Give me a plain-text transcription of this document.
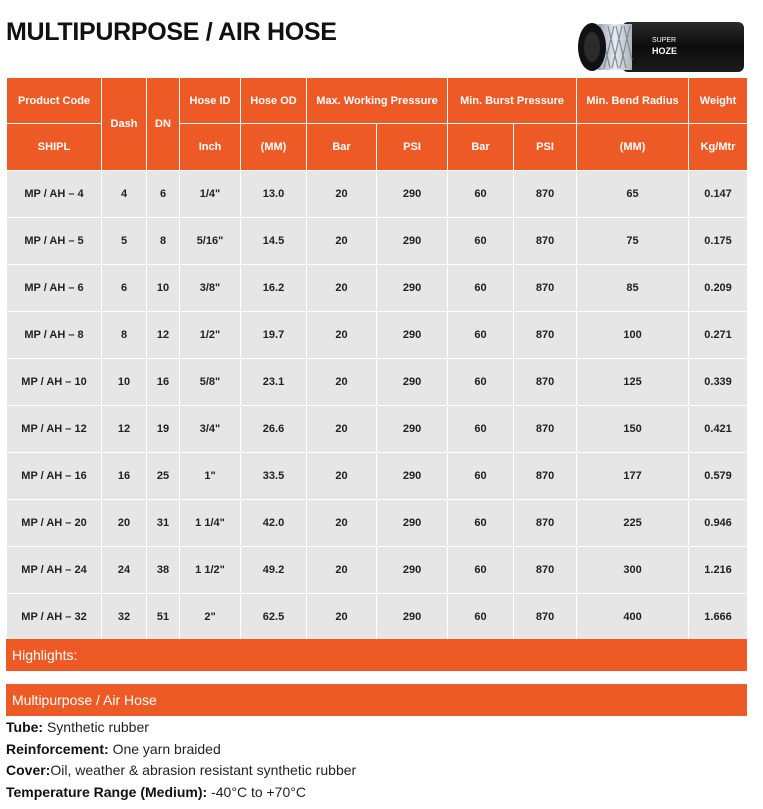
MULTIPURPOSE / AIR HOSE	SUPER
HOZE
Product Code	Dash	DN	Hose ID	Hose OD	Max. Working Pressure		Min. Burst Pressure		Min. Bend Radius	Weight
SHIPL			Inch	(MM)	Bar	PSI	Bar	PSI	(MM)	Kg/Mtr
MP / AH – 4	4	6	1/4"	13.0	20	290	60	870	65	0.147
MP / AH – 5	5	8	5/16"	14.5	20	290	60	870	75	0.175
MP / AH – 6	6	10	3/8"	16.2	20	290	60	870	85	0.209
MP / AH – 8	8	12	1/2"	19.7	20	290	60	870	100	0.271
MP / AH – 10	10	16	5/8"	23.1	20	290	60	870	125	0.339
MP / AH – 12	12	19	3/4"	26.6	20	290	60	870	150	0.421
MP / AH – 16	16	25	1"	33.5	20	290	60	870	177	0.579
MP / AH – 20	20	31	1 1/4"	42.0	20	290	60	870	225	0.946
MP / AH – 24	24	38	1 1/2"	49.2	20	290	60	870	300	1.216
MP / AH – 32	32	51	2"	62.5	20	290	60	870	400	1.666
Highlights:
Multipurpose / Air Hose
Tube: Synthetic rubber
Reinforcement: One yarn braided
Cover:Oil, weather & abrasion resistant synthetic rubber
Temperature Range (Medium): -40°C to +70°C
